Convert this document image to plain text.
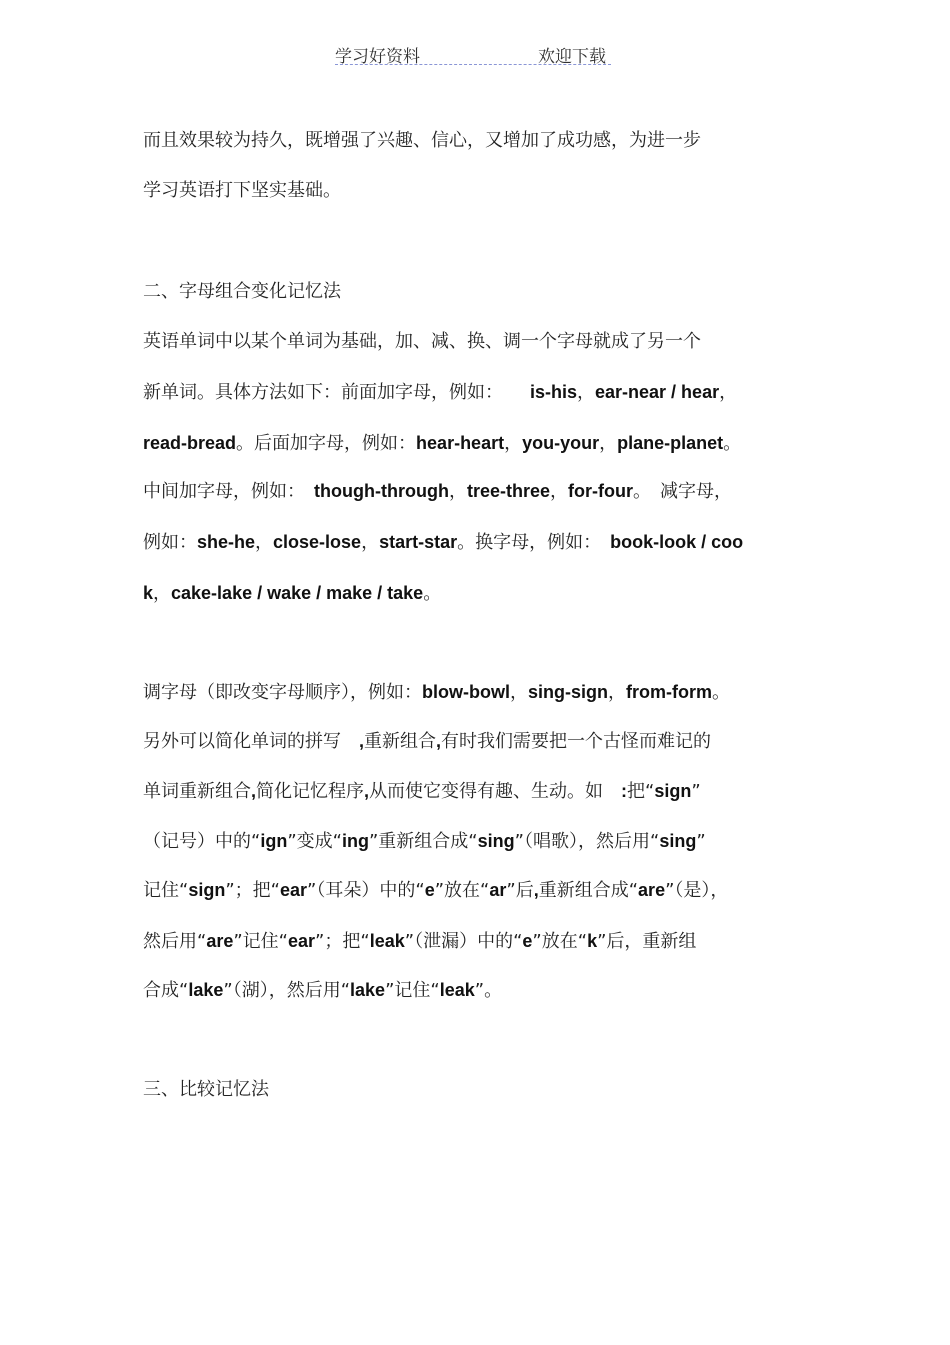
学习好资料	欢迎下载
而且效果较为持久，既增强了兴趣、信心，又增加了成功感，为进一步
学习英语打下坚实基础。
二、字母组合变化记忆法
英语单词中以某个单词为基础，加、减、换、调一个字母就成了另一个
新单词。具体方法如下：前面加字母，例如：　　is-his，ear-near / hear，
read-bread。后面加字母，例如：hear-heart，you-your，plane-planet。
中间加字母，例如：　though-through，tree-three，for-four。　减字母，
例如：she-he，close-lose，start-star。换字母，例如：　book-look / coo
k，cake-lake / wake / make / take。
调字母（即改变字母顺序），例如：blow-bowl，sing-sign，from-form。
另外可以简化单词的拼写　,重新组合,有时我们需要把一个古怪而难记的
单词重新组合,简化记忆程序,从而使它变得有趣、生动。如　:把“sign”
（记号）中的“ign”变成“ing”重新组合成“sing”（唱歌），然后用“sing”
记住“sign”；把“ear”（耳朵）中的“e”放在“ar”后,重新组合成“are”（是），
然后用“are”记住“ear”；把“leak”（泄漏）中的“e”放在“k”后，重新组
合成“lake”（湖），然后用“lake”记住“leak”。
三、比较记忆法
